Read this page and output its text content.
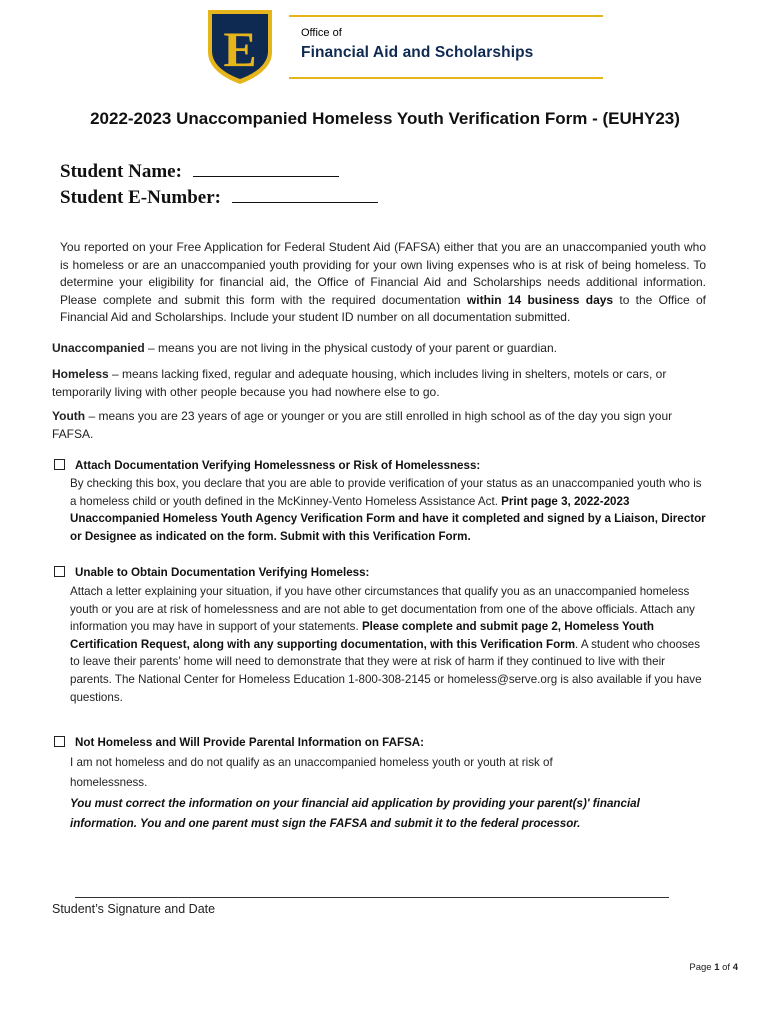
E	Office of
Financial Aid and Scholarships
2022-2023 Unaccompanied Homeless Youth Verification Form - (EUHY23)
Student Name:
Student E-Number:
You reported on your Free Application for Federal Student Aid (FAFSA) either that you are an unaccompanied youth who is homeless or are an unaccompanied youth providing for your own living expenses who is at risk of being homeless. To determine your eligibility for financial aid, the Office of Financial Aid and Scholarships needs additional information. Please complete and submit this form with the required documentation within 14 business days to the Office of Financial Aid and Scholarships. Include your student ID number on all documentation submitted.
Unaccompanied – means you are not living in the physical custody of your parent or guardian.
Homeless – means lacking fixed, regular and adequate housing, which includes living in shelters, motels or cars, or temporarily living with other people because you had nowhere else to go.
Youth – means you are 23 years of age or younger or you are still enrolled in high school as of the day you sign your FAFSA.
Attach Documentation Verifying Homelessness or Risk of Homelessness:
By checking this box, you declare that you are able to provide verification of your status as an unaccompanied youth who is a homeless child or youth defined in the McKinney-Vento Homeless Assistance Act. Print page 3, 2022-2023 Unaccompanied Homeless Youth Agency Verification Form and have it completed and signed by a Liaison, Director or Designee as indicated on the form. Submit with this Verification Form.
Unable to Obtain Documentation Verifying Homeless:
Attach a letter explaining your situation, if you have other circumstances that qualify you as an unaccompanied homeless youth or you are at risk of homelessness and are not able to get documentation from one of the above officials. Attach any information you may have in support of your statements. Please complete and submit page 2, Homeless Youth Certification Request, along with any supporting documentation, with this Verification Form. A student who chooses to leave their parents’ home will need to demonstrate that they were at risk of harm if they continued to live with their parents. The National Center for Homeless Education 1-800-308-2145 or homeless@serve.org is also available if you have questions.
Not Homeless and Will Provide Parental Information on FAFSA:
I am not homeless and do not qualify as an unaccompanied homeless youth or youth at risk of homelessness.
You must correct the information on your financial aid application by providing your parent(s)' financial information. You and one parent must sign the FAFSA and submit it to the federal processor.
Student’s Signature and Date
Page 1 of 4
